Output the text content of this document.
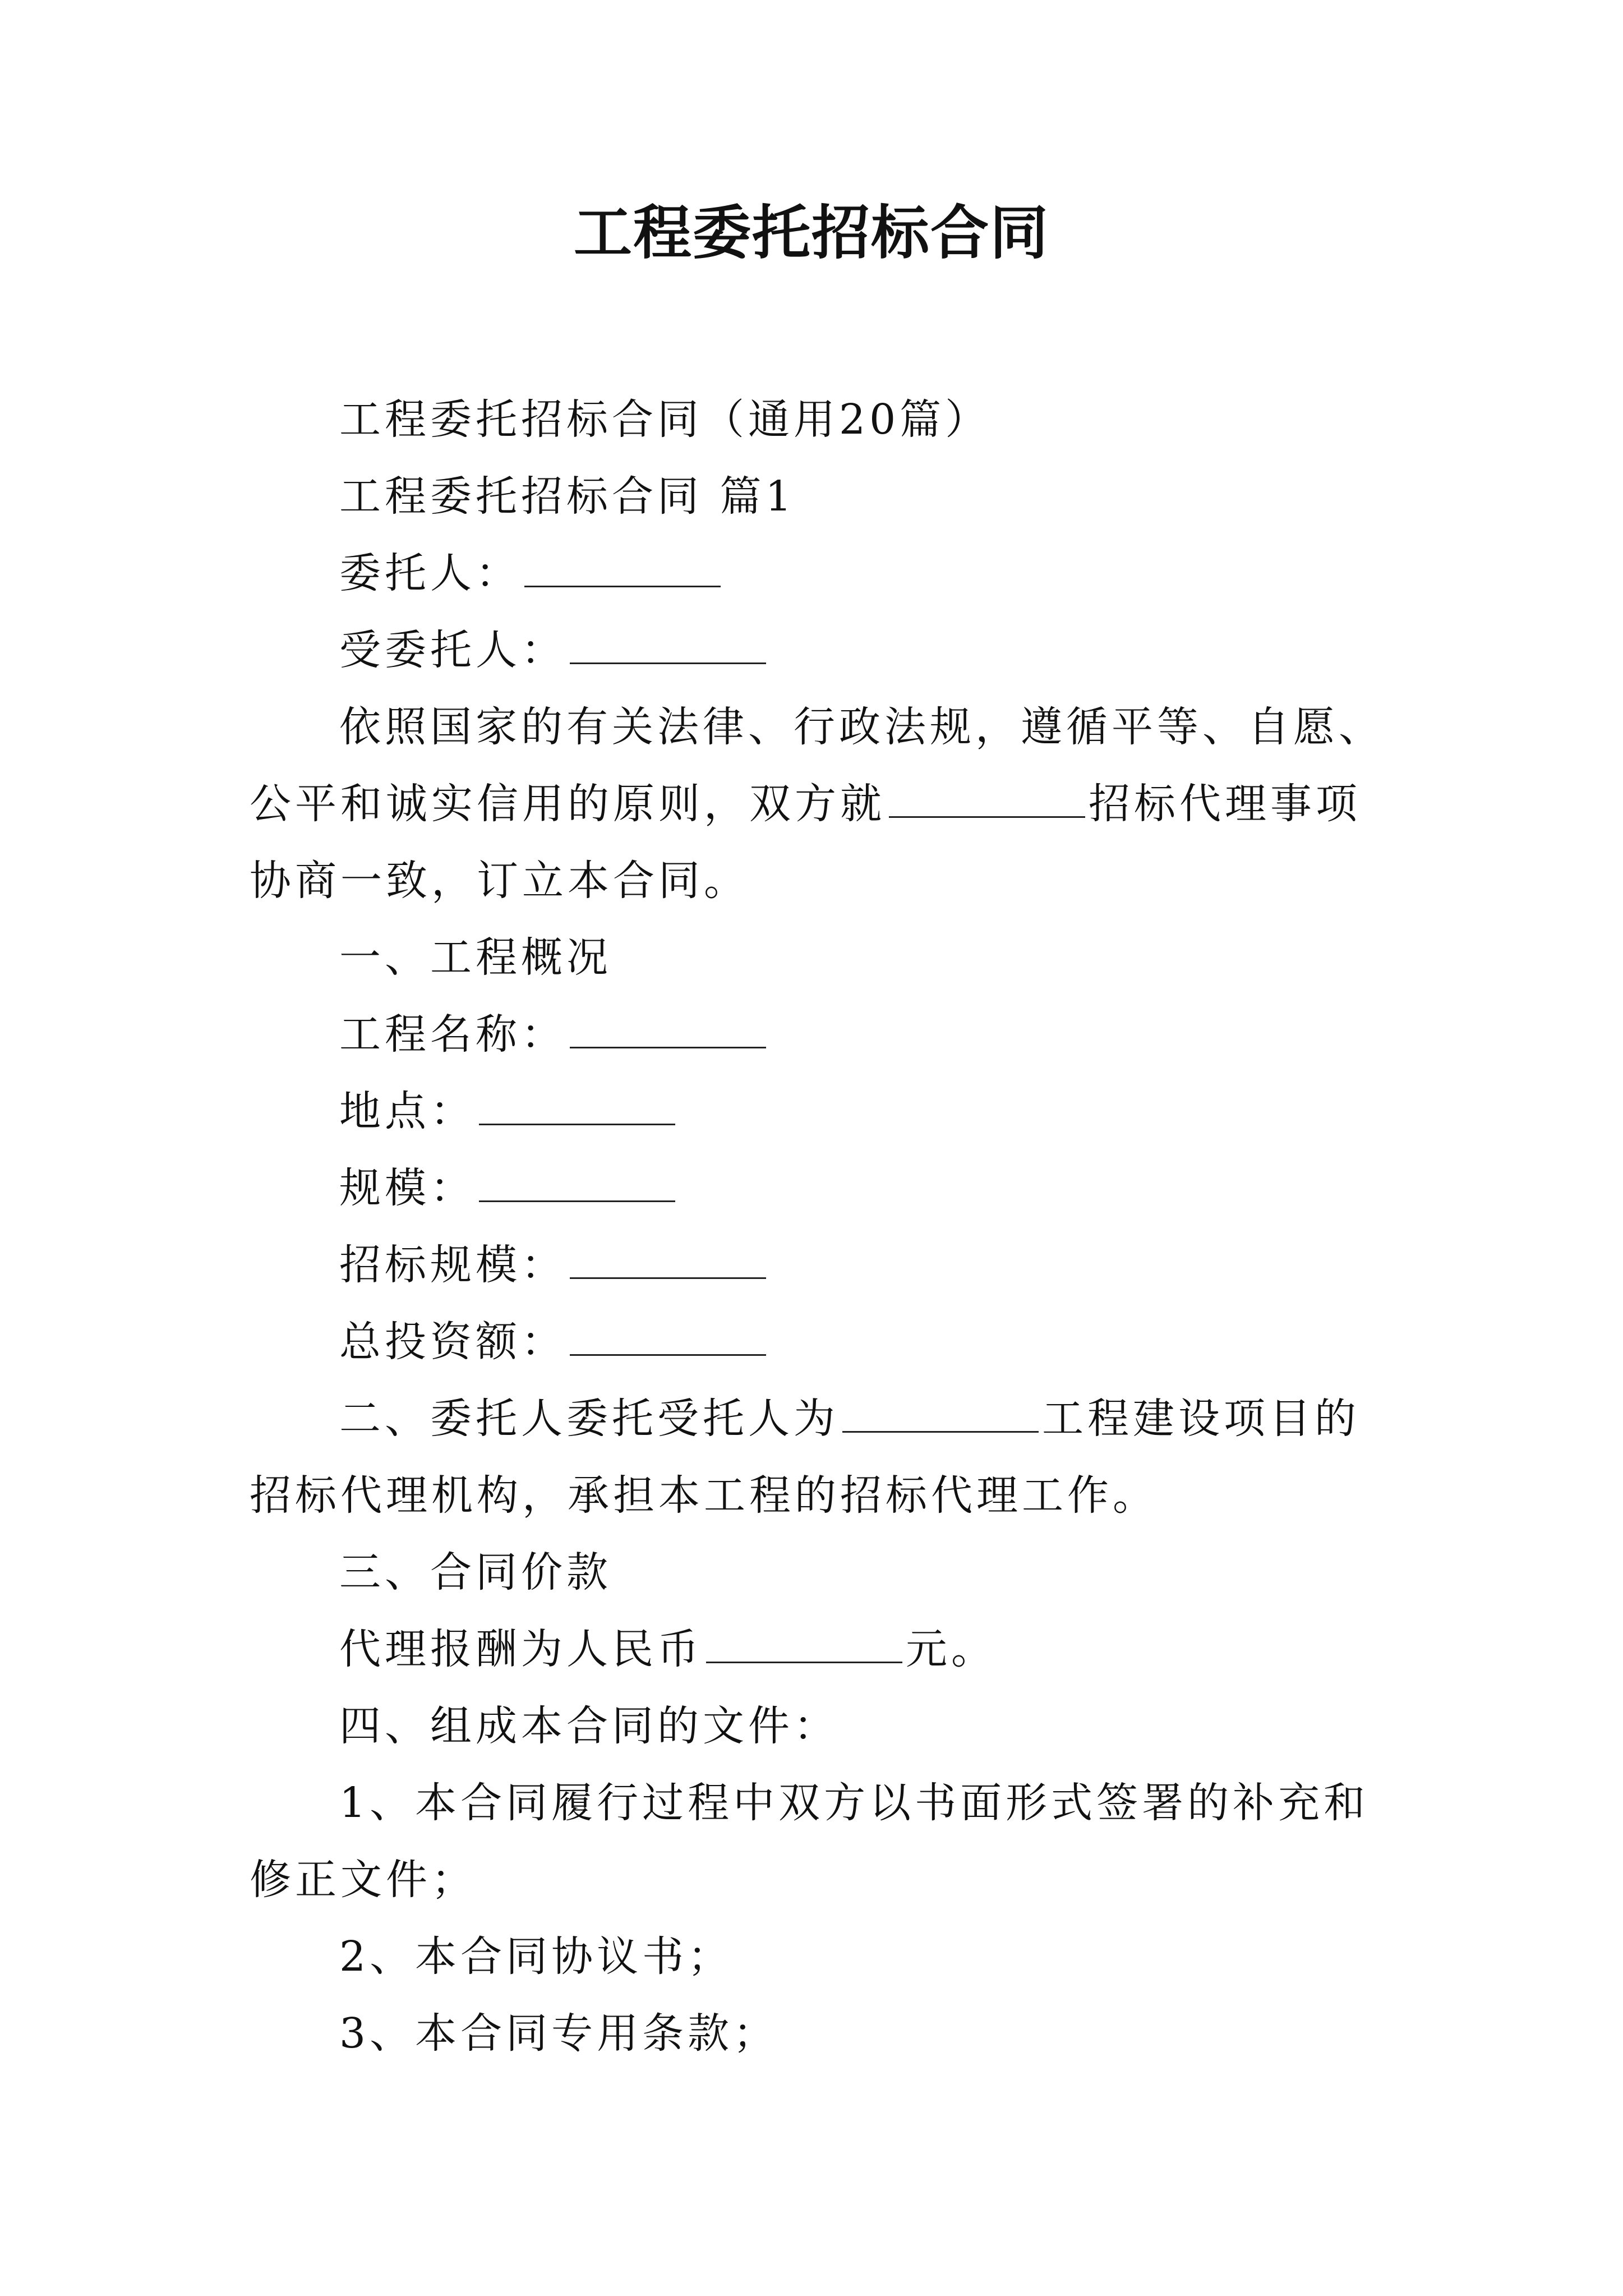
工程委托招标合同

工程委托招标合同（通用20篇）

工程委托招标合同 篇1

委托人：

受委托人：

依照国家的有关法律、行政法规，遵循平等、自愿、公平和诚实信用的原则，双方就	招标代理事项协商一致，订立本合同。

一、工程概况

工程名称：

地点：

规模：

招标规模：

总投资额：

二、委托人委托受托人为	工程建设项目的招标代理机构，承担本工程的招标代理工作。

三、合同价款

代理报酬为人民币	元。

四、组成本合同的文件：

1、本合同履行过程中双方以书面形式签署的补充和修正文件；

2、本合同协议书；

3、本合同专用条款；
